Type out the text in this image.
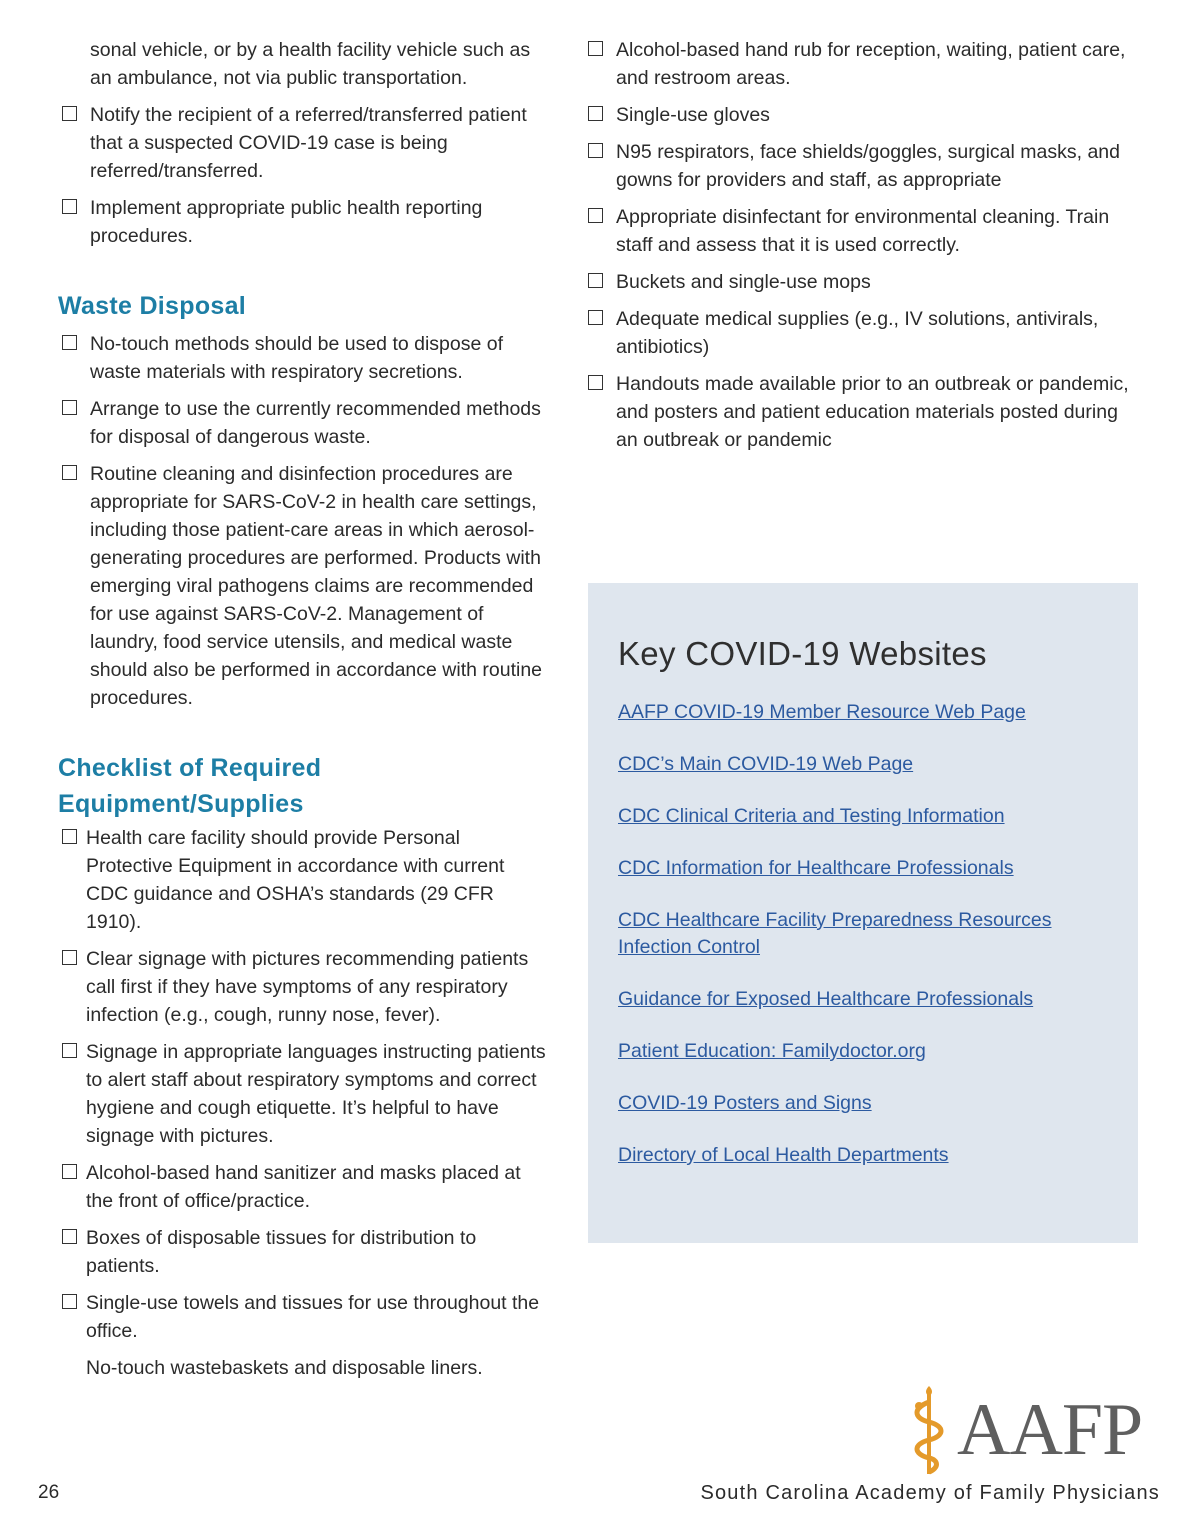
sonal vehicle, or by a health facility vehicle such as an ambulance, not via public transportation.
Notify the recipient of a referred/transferred patient that a suspected COVID-19 case is being referred/transferred.
Implement appropriate public health reporting procedures.
Waste Disposal
No-touch methods should be used to dispose of waste materials with respiratory secretions.
Arrange to use the currently recommended methods for disposal of dangerous waste.
Routine cleaning and disinfection procedures are appropriate for SARS-CoV-2 in health care settings, including those patient-care areas in which aerosol-generating procedures are performed. Products with emerging viral pathogens claims are recommended for use against SARS-CoV-2. Management of laundry, food service utensils, and medical waste should also be performed in accordance with routine procedures.
Checklist of Required
Equipment/Supplies
Health care facility should provide Personal Protective Equipment in accordance with current CDC guidance and OSHA’s standards (29 CFR 1910).
Clear signage with pictures recommending patients call first if they have symptoms of any respiratory infection (e.g., cough, runny nose, fever).
Signage in appropriate languages instructing patients to alert staff about respiratory symptoms and correct hygiene and cough etiquette. It’s helpful to have signage with pictures.
Alcohol-based hand sanitizer and masks placed at the front of office/practice.
Boxes of disposable tissues for distribution to patients.
Single-use towels and tissues for use throughout the office.
No-touch wastebaskets and disposable liners.
Alcohol-based hand rub for reception, waiting, patient care, and restroom areas.
Single-use gloves
N95 respirators, face shields/goggles, surgical masks, and gowns for providers and staff, as appropriate
Appropriate disinfectant for environmental cleaning. Train staff and assess that it is used correctly.
Buckets and single-use mops
Adequate medical supplies (e.g., IV solutions, antivirals, antibiotics)
Handouts made available prior to an outbreak or pandemic, and posters and patient education materials posted during an outbreak or pandemic
Key COVID-19 Websites
AAFP COVID-19 Member Resource Web Page
CDC’s Main COVID-19 Web Page
CDC Clinical Criteria and Testing Information
CDC Information for Healthcare Professionals
CDC Healthcare Facility Preparedness Resources Infection Control
Guidance for Exposed Healthcare Professionals
Patient Education: Familydoctor.org
COVID-19 Posters and Signs
Directory of Local Health Departments
AAFP
26	South Carolina Academy of Family Physicians
